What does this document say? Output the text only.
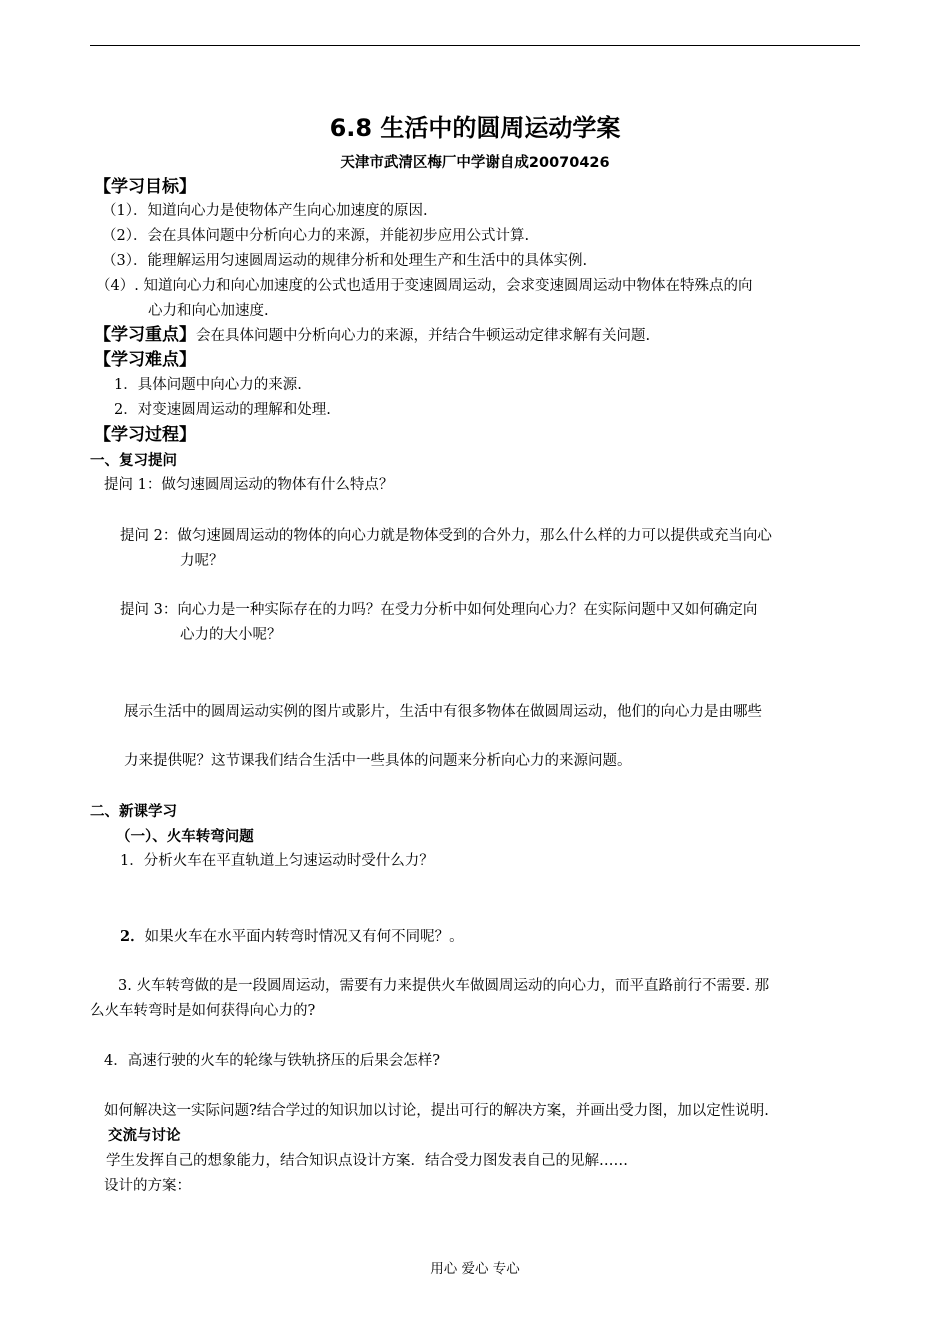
6.8 生活中的圆周运动学案
天津市武清区梅厂中学谢自成20070426
【学习目标】
（1）．知道向心力是使物体产生向心加速度的原因.
（2）．会在具体问题中分析向心力的来源，并能初步应用公式计算.
（3）．能理解运用匀速圆周运动的规律分析和处理生产和生活中的具体实例.
（4）. 知道向心力和向心加速度的公式也适用于变速圆周运动，会求变速圆周运动中物体在特殊点的向
心力和向心加速度.
【学习重点】会在具体问题中分析向心力的来源，并结合牛顿运动定律求解有关问题.
【学习难点】
1．具体问题中向心力的来源.
2．对变速圆周运动的理解和处理.
【学习过程】
一、复习提问
提问 1：做匀速圆周运动的物体有什么特点？
提问 2：做匀速圆周运动的物体的向心力就是物体受到的合外力，那么什么样的力可以提供或充当向心
力呢？
提问 3：向心力是一种实际存在的力吗？在受力分析中如何处理向心力？在实际问题中又如何确定向
心力的大小呢？
展示生活中的圆周运动实例的图片或影片，生活中有很多物体在做圆周运动，他们的向心力是由哪些
力来提供呢？这节课我们结合生活中一些具体的问题来分析向心力的来源问题。
二、新课学习
（一）、火车转弯问题
1．分析火车在平直轨道上匀速运动时受什么力？
2．如果火车在水平面内转弯时情况又有何不同呢？。
3. 火车转弯做的是一段圆周运动，需要有力来提供火车做圆周运动的向心力，而平直路前行不需要. 那
么火车转弯时是如何获得向心力的?
4．高速行驶的火车的轮缘与铁轨挤压的后果会怎样?
如何解决这一实际问题?结合学过的知识加以讨论，提出可行的解决方案，并画出受力图，加以定性说明.
交流与讨论
学生发挥自己的想象能力，结合知识点设计方案．结合受力图发表自己的见解……
设计的方案：
用心 爱心 专心
